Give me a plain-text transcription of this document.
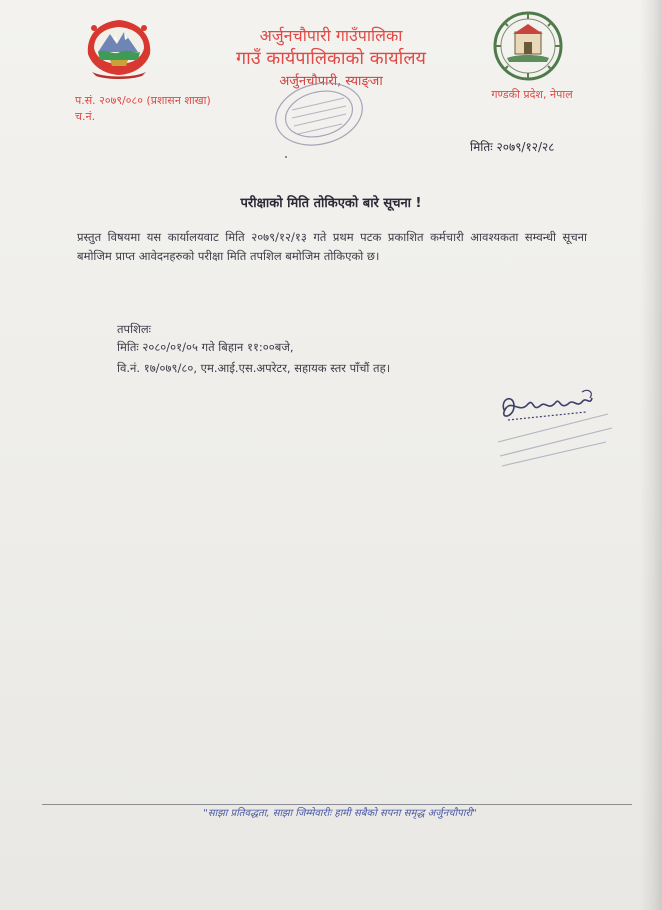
अर्जुनचौपारी गाउँपालिका
गाउँ कार्यपालिकाको कार्यालय
अर्जुनचौपारी, स्याङ्जा
गण्डकी प्रदेश, नेपाल
प.सं. २०७९/०८० (प्रशासन शाखा)
च.नं.
मितिः २०७९/१२/२८
परीक्षाको मिति तोकिएको बारे सूचना !
प्रस्तुत विषयमा यस कार्यालयवाट मिति २०७९/१२/१३ गते प्रथम पटक प्रकाशित कर्मचारी आवश्यकता सम्वन्धी सूचना बमोजिम प्राप्त आवेदनहरुको परीक्षा मिति तपशिल बमोजिम तोकिएको छ।
तपशिलः
मितिः २०८०/०१/०५ गते बिहान ११:००बजे,
वि.नं. १७/०७९/८०, एम.आई.एस.अपरेटर, सहायक स्तर पाँचौं तह।
"साझा प्रतिवद्धता, साझा जिम्मेवारीः हामी सबैको सपना समृद्ध अर्जुनचौपारी"
